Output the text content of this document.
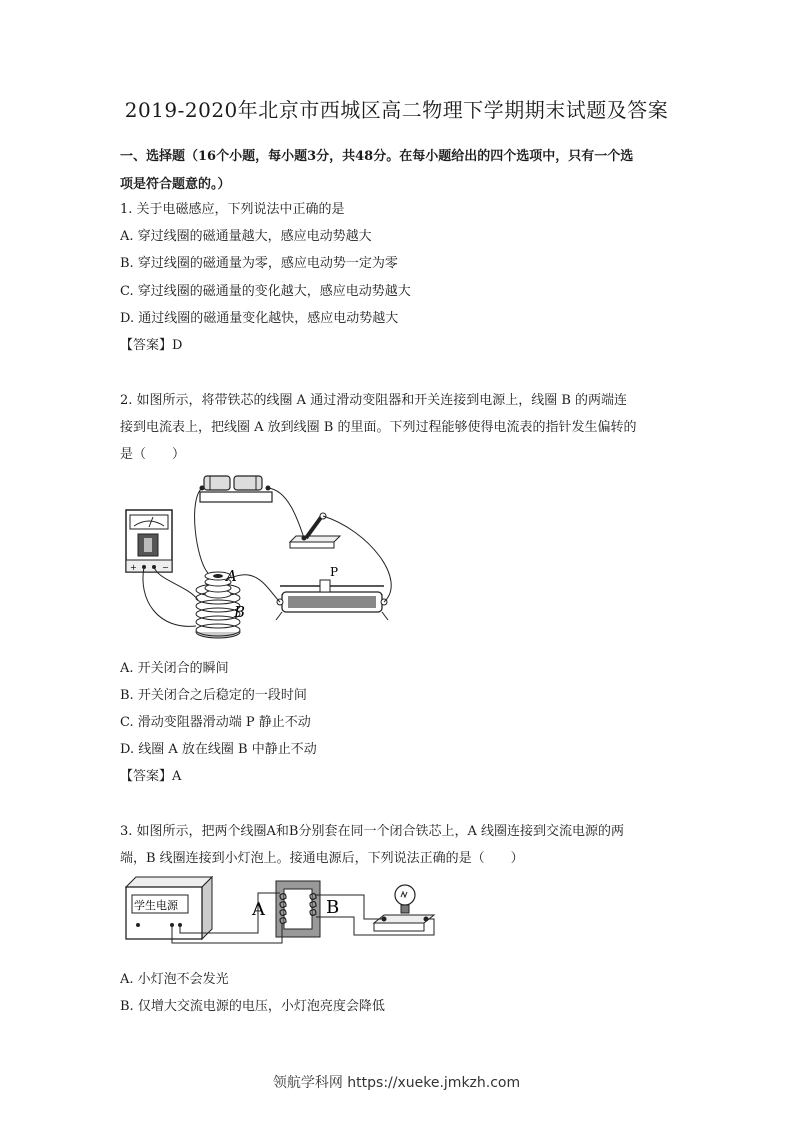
2019-2020年北京市西城区高二物理下学期期末试题及答案
一、选择题（16个小题，每小题3分，共48分。在每小题给出的四个选项中，只有一个选
项是符合题意的。）
1. 关于电磁感应，下列说法中正确的是
A. 穿过线圈的磁通量越大，感应电动势越大
B. 穿过线圈的磁通量为零，感应电动势一定为零
C. 穿过线圈的磁通量的变化越大，感应电动势越大
D. 通过线圈的磁通量变化越快，感应电动势越大
【答案】D
2. 如图所示，将带铁芯的线圈 A 通过滑动变阻器和开关连接到电源上，线圈 B 的两端连
接到电流表上，把线圈 A 放到线圈 B 的里面。下列过程能够使得电流表的指针发生偏转的
是（　　）
+	−	A
B
P
A. 开关闭合的瞬间
B. 开关闭合之后稳定的一段时间
C. 滑动变阻器滑动端 P 静止不动
D. 线圈 A 放在线圈 B 中静止不动
【答案】A
3. 如图所示，把两个线圈A和B分别套在同一个闭合铁芯上，A 线圈连接到交流电源的两
端，B 线圈连接到小灯泡上。接通电源后，下列说法正确的是（　　）
学生电源	A	B
A. 小灯泡不会发光
B. 仅增大交流电源的电压，小灯泡亮度会降低
领航学科网 https://xueke.jmkzh.com
